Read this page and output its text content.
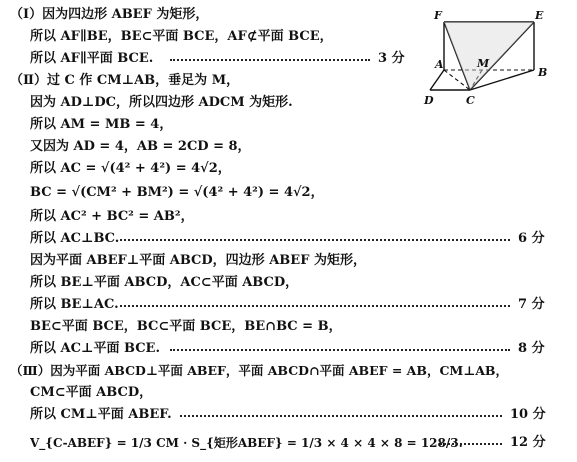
F	E
A	M
B
D	C
（Ⅰ）因为四边形 ABEF 为矩形，
所以 AF∥BE，BE⊂平面 BCE，AF⊄平面 BCE，
所以 AF∥平面 BCE.	3 分
（Ⅱ）过 C 作 CM⊥AB，垂足为 M，
因为 AD⊥DC，所以四边形 ADCM 为矩形.
所以 AM = MB = 4，
又因为 AD = 4，AB = 2CD = 8，
所以 AC = √(4² + 4²) = 4√2，
BC = √(CM² + BM²) = √(4² + 4²) = 4√2，
所以 AC² + BC² = AB²，
所以 AC⊥BC.	6 分
因为平面 ABEF⊥平面 ABCD，四边形 ABEF 为矩形，
所以 BE⊥平面 ABCD，AC⊂平面 ABCD，
所以 BE⊥AC.	7 分
BE⊂平面 BCE，BC⊂平面 BCE，BE∩BC = B，
所以 AC⊥平面 BCE.	8 分
（Ⅲ）因为平面 ABCD⊥平面 ABEF，平面 ABCD∩平面 ABEF = AB，CM⊥AB，
CM⊂平面 ABCD，
所以 CM⊥平面 ABEF.	10 分
V_{C-ABEF} = 1/3 CM · S_{矩形ABEF} = 1/3 × 4 × 4 × 8 = 128/3.	12 分
